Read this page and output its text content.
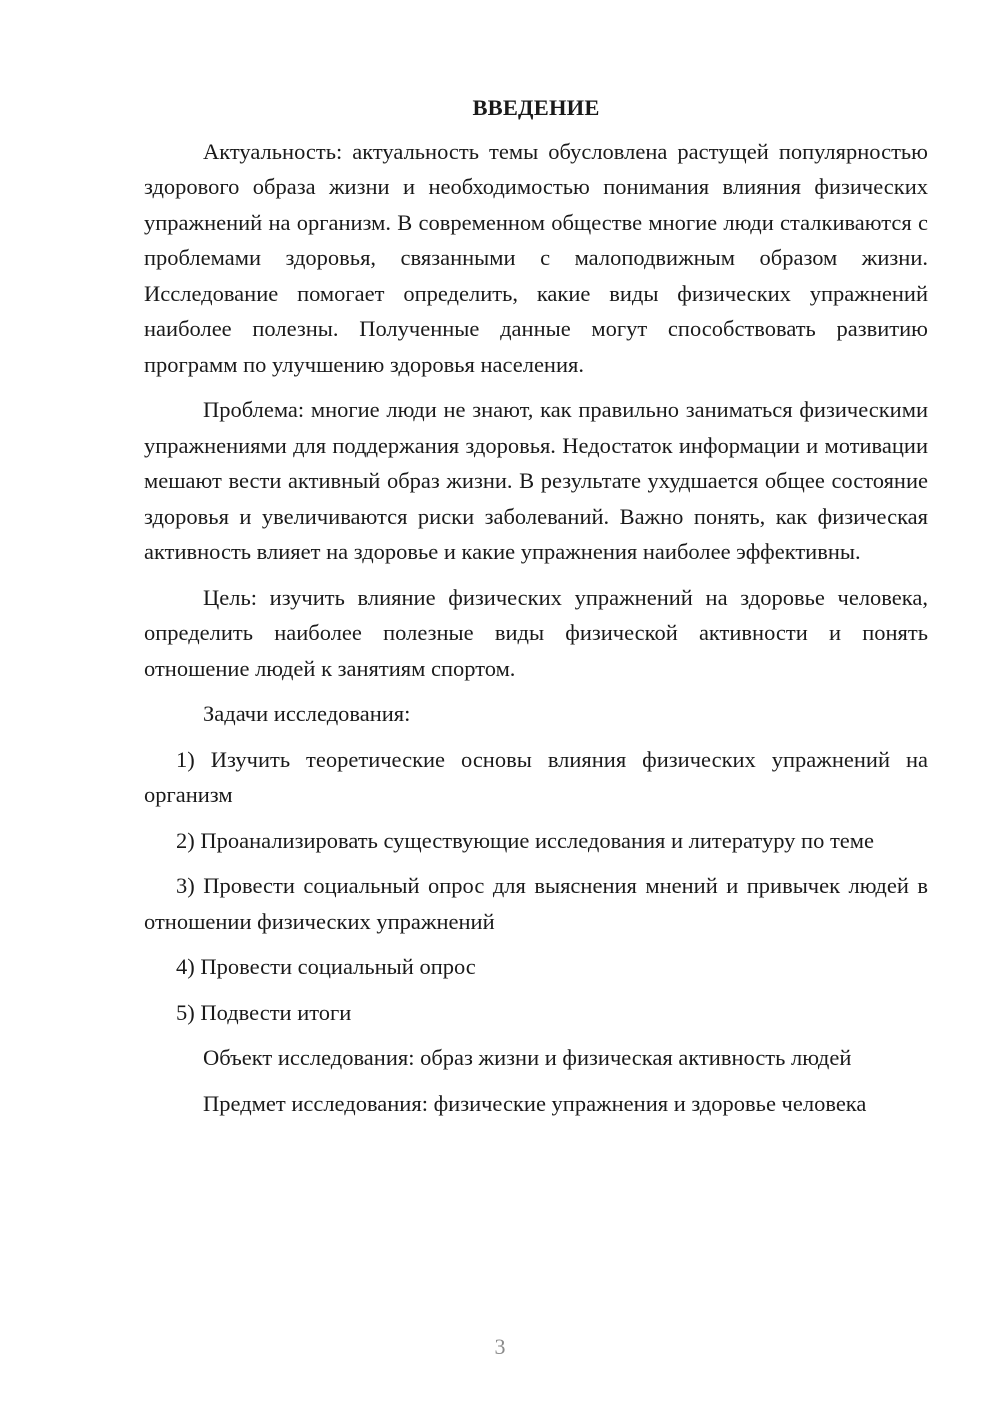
ВВЕДЕНИЕ

Актуальность: актуальность темы обусловлена растущей популярностью здорового образа жизни и необходимостью понимания влияния физических упражнений на организм. В современном обществе многие люди сталкиваются с проблемами здоровья, связанными с малоподвижным образом жизни. Исследование помогает определить, какие виды физических упражнений наиболее полезны. Полученные данные могут способствовать развитию программ по улучшению здоровья населения.

Проблема: многие люди не знают, как правильно заниматься физическими упражнениями для поддержания здоровья. Недостаток информации и мотивации мешают вести активный образ жизни. В результате ухудшается общее состояние здоровья и увеличиваются риски заболеваний. Важно понять, как физическая активность влияет на здоровье и какие упражнения наиболее эффективны.

Цель: изучить влияние физических упражнений на здоровье человека, определить наиболее полезные виды физической активности и понять отношение людей к занятиям спортом.

Задачи исследования:

1) Изучить теоретические основы влияния физических упражнений на организм

2) Проанализировать существующие исследования и литературу по теме

3) Провести социальный опрос для выяснения мнений и привычек людей в отношении физических упражнений

4) Провести социальный опрос

5) Подвести итоги

Объект исследования: образ жизни и физическая активность людей

Предмет исследования: физические упражнения и здоровье человека

3
